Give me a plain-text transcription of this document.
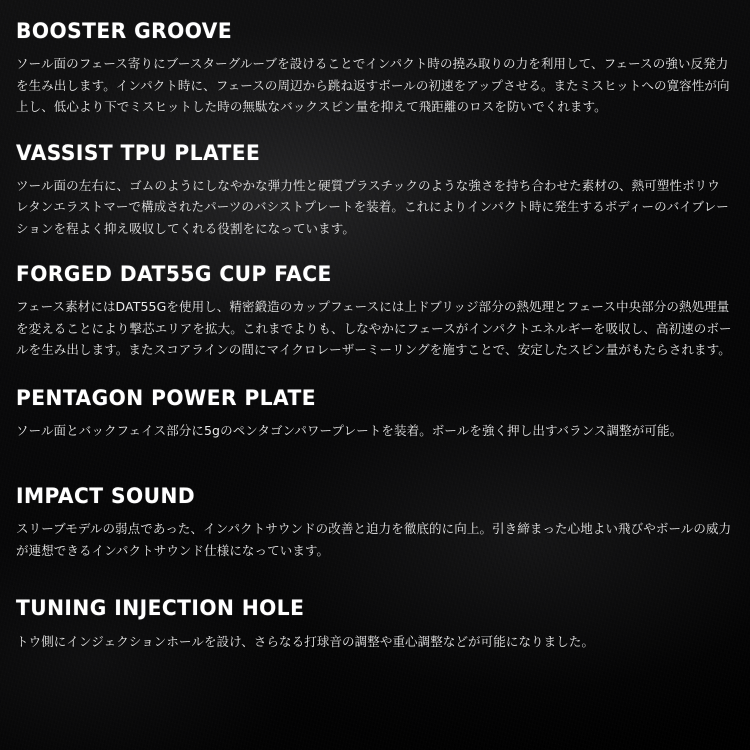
BOOSTER GROOVE

ソール面のフェース寄りにブースターグルーブを設けることでインパクト時の撓み取りの力を利用して、フェースの強い反発力を生み出します。インパクト時に、フェースの周辺から跳ね返すボールの初速をアップさせる。またミスヒットへの寛容性が向上し、低心より下でミスヒットした時の無駄なバックスピン量を抑えて飛距離のロスを防いでくれます。

VASSIST TPU PLATEE

ツール面の左右に、ゴムのようにしなやかな弾力性と硬質プラスチックのような強さを持ち合わせた素材の、熱可塑性ポリウレタンエラストマーで構成されたパーツのバシストプレートを装着。これによりインパクト時に発生するボディーのバイブレーションを程よく抑え吸収してくれる役割をになっています。

FORGED DAT55G CUP FACE

フェース素材にはDAT55Gを使用し、精密鍛造のカップフェースには上ドブリッジ部分の熱処理とフェース中央部分の熱処理量を変えることにより撃芯エリアを拡大。これまでよりも、しなやかにフェースがインパクトエネルギーを吸収し、高初速のボールを生み出します。またスコアラインの間にマイクロレーザーミーリングを施すことで、安定したスピン量がもたらされます。

PENTAGON POWER PLATE

ソール面とバックフェイス部分に5gのペンタゴンパワープレートを装着。ボールを強く押し出すバランス調整が可能。

IMPACT SOUND

スリーブモデルの弱点であった、インパクトサウンドの改善と迫力を徹底的に向上。引き締まった心地よい飛びやボールの威力が連想できるインパクトサウンド仕様になっています。

TUNING INJECTION HOLE

トウ側にインジェクションホールを設け、さらなる打球音の調整や重心調整などが可能になりました。
